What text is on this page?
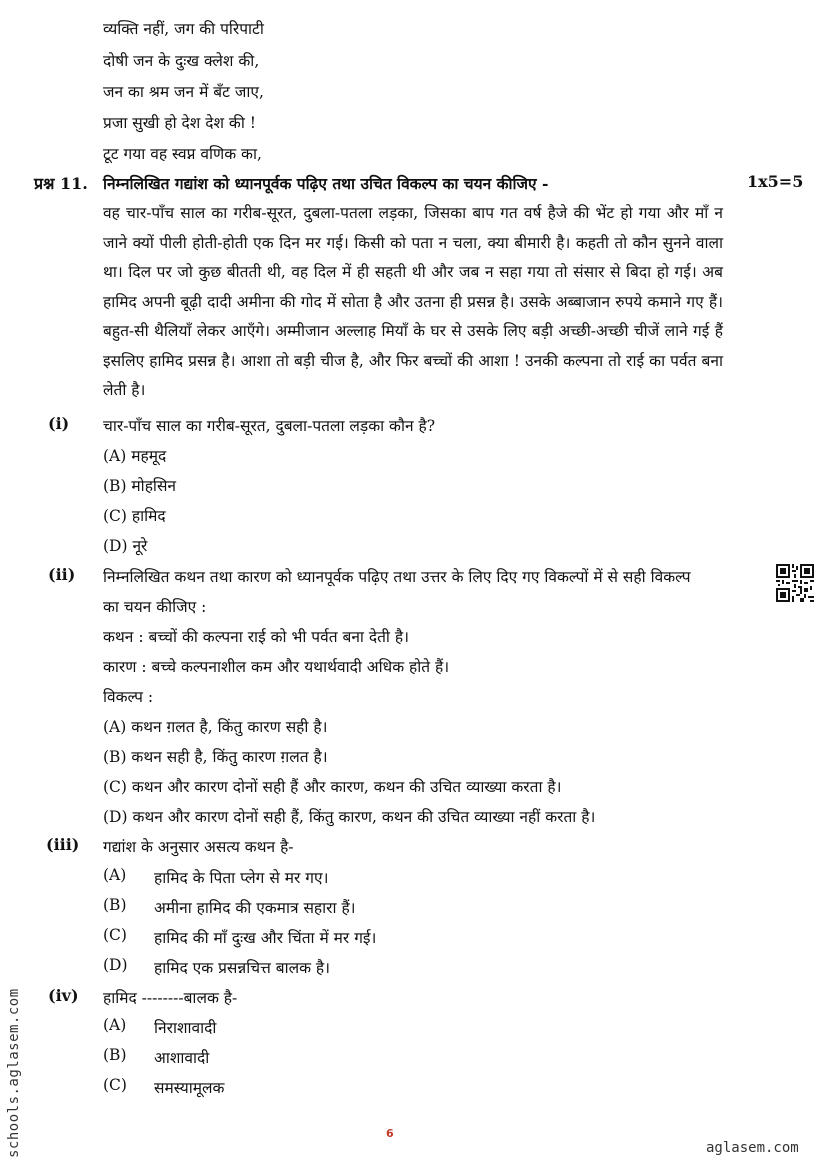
व्यक्ति नहीं, जग की परिपाटी
दोषी जन के दुःख क्लेश की,
जन का श्रम जन में बँट जाए,
प्रजा सुखी हो देश देश की !
टूट गया वह स्वप्न वणिक का,
प्रश्न 11. निम्नलिखित गद्यांश को ध्यानपूर्वक पढ़िए तथा उचित विकल्प का चयन कीजिए -	1x5=5
वह चार-पाँच साल का गरीब-सूरत, दुबला-पतला लड़का, जिसका बाप गत वर्ष हैजे की भेंट हो गया और माँ न जाने क्यों पीली होती-होती एक दिन मर गई। किसी को पता न चला, क्या बीमारी है। कहती तो कौन सुनने वाला था। दिल पर जो कुछ बीतती थी, वह दिल में ही सहती थी और जब न सहा गया तो संसार से बिदा हो गई। अब हामिद अपनी बूढ़ी दादी अमीना की गोद में सोता है और उतना ही प्रसन्न है। उसके अब्बाजान रुपये कमाने गए हैं। बहुत-सी थैलियाँ लेकर आएँगे। अम्मीजान अल्लाह मियाँ के घर से उसके लिए बड़ी अच्छी-अच्छी चीजें लाने गई हैं इसलिए हामिद प्रसन्न है। आशा तो बड़ी चीज है, और फिर बच्चों की आशा ! उनकी कल्पना तो राई का पर्वत बना लेती है।
(i) चार-पाँच साल का गरीब-सूरत, दुबला-पतला लड़का कौन है?
(A) महमूद
(B) मोहसिन
(C) हामिद
(D) नूरे
(ii) निम्नलिखित कथन तथा कारण को ध्यानपूर्वक पढ़िए तथा उत्तर के लिए दिए गए विकल्पों में से सही विकल्प
का चयन कीजिए :
कथन : बच्चों की कल्पना राई को भी पर्वत बना देती है।
कारण : बच्चे कल्पनाशील कम और यथार्थवादी अधिक होते हैं।
विकल्प :
(A) कथन ग़लत है, किंतु कारण सही है।
(B) कथन सही है, किंतु कारण ग़लत है।
(C) कथन और कारण दोनों सही हैं और कारण, कथन की उचित व्याख्या करता है।
(D) कथन और कारण दोनों सही हैं, किंतु कारण, कथन की उचित व्याख्या नहीं करता है।
(iii) गद्यांश के अनुसार असत्य कथन है-
(A) हामिद के पिता प्लेग से मर गए।
(B) अमीना हामिद की एकमात्र सहारा हैं।
(C) हामिद की माँ दुःख और चिंता में मर गई।
(D) हामिद एक प्रसन्नचित्त बालक है।
(iv) हामिद --------बालक है-
(A) निराशावादी
(B) आशावादी
(C) समस्यामूलक
6
schools.aglasem.com	aglasem.com
